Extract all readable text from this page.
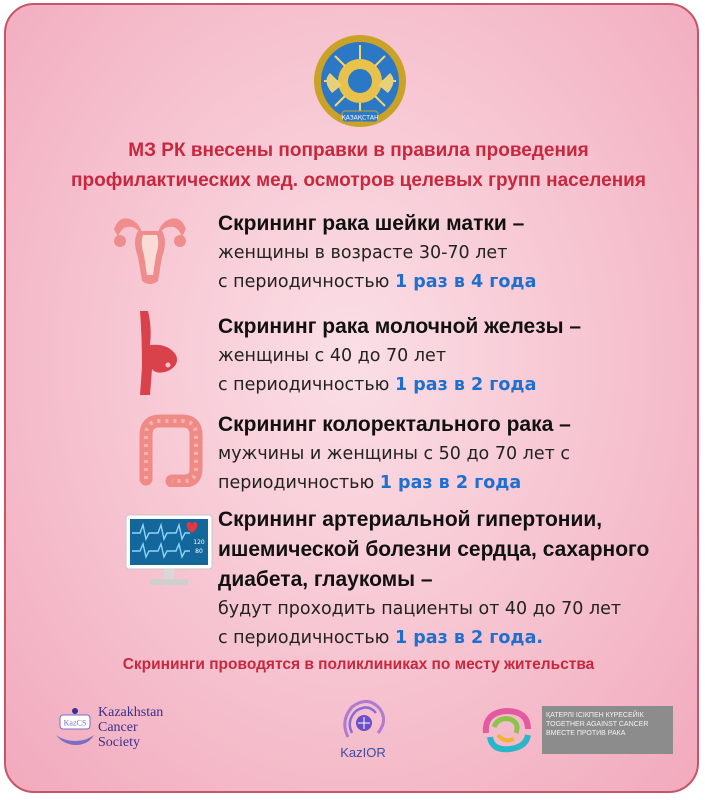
ҚАЗАҚСТАН
МЗ РК внесены поправки в правила проведения
профилактических мед. осмотров целевых групп населения
Скрининг рака шейки матки –
женщины в возрасте 30-70 лет
с периодичностью 1 раз в 4 года
Скрининг рака молочной железы –
женщины с 40 до 70 лет
с периодичностью 1 раз в 2 года
Скрининг колоректального рака –
мужчины и женщины с 50 до 70 лет с
периодичностью 1 раз в 2 года
120
80
Скрининг артериальной гипертонии,
ишемической болезни сердца, сахарного
диабета, глаукомы –
будут проходить пациенты от 40 до 70 лет
с периодичностью 1 раз в 2 года.
Скрининги проводятся в поликлиниках по месту жительства
KazCS
Kazakhstan
Cancer
Society
KazIOR
ҚАТЕРЛІ ІСІКПЕН КҮРЕСЕЙІК
TOGETHER AGAINST CANCER
ВМЕСТЕ ПРОТИВ РАКА
